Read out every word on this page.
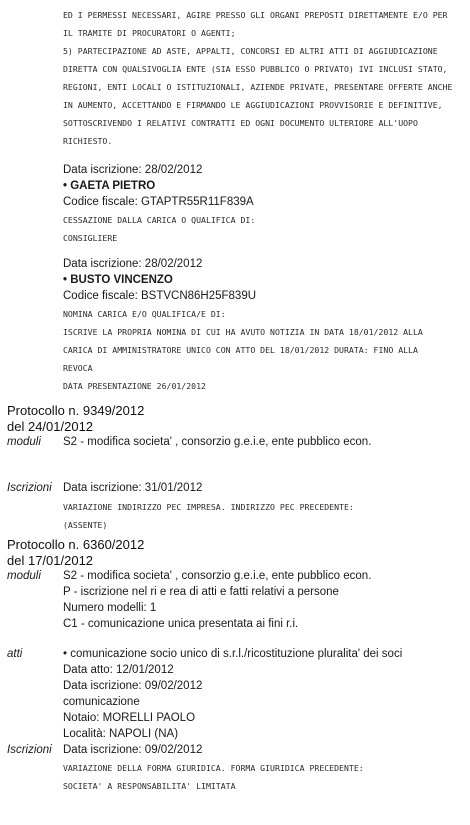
ED I PERMESSI NECESSARI, AGIRE PRESSO GLI ORGANI PREPOSTI DIRETTAMENTE E/O PER
IL TRAMITE DI PROCURATORI O AGENTI;
5) PARTECIPAZIONE AD ASTE, APPALTI, CONCORSI ED ALTRI ATTI DI AGGIUDICAZIONE
DIRETTA CON QUALSIVOGLIA ENTE (SIA ESSO PUBBLICO O PRIVATO) IVI INCLUSI STATO,
REGIONI, ENTI LOCALI O ISTITUZIONALI, AZIENDE PRIVATE, PRESENTARE OFFERTE ANCHE
IN AUMENTO, ACCETTANDO E FIRMANDO LE AGGIUDICAZIONI PROVVISORIE E DEFINITIVE,
SOTTOSCRIVENDO I RELATIVI CONTRATTI ED OGNI DOCUMENTO ULTERIORE ALL'UOPO
RICHIESTO.
Data iscrizione: 28/02/2012
• GAETA PIETRO
Codice fiscale: GTAPTR55R11F839A
CESSAZIONE DALLA CARICA O QUALIFICA DI:
CONSIGLIERE
Data iscrizione: 28/02/2012
• BUSTO VINCENZO
Codice fiscale: BSTVCN86H25F839U
NOMINA CARICA E/O QUALIFICA/E DI:
ISCRIVE LA PROPRIA NOMINA DI CUI HA AVUTO NOTIZIA IN DATA 18/01/2012 ALLA
CARICA DI AMMINISTRATORE UNICO CON ATTO DEL 18/01/2012 DURATA: FINO ALLA
REVOCA
DATA PRESENTAZIONE 26/01/2012
Protocollo n. 9349/2012
del 24/01/2012
moduli S2 - modifica societa' , consorzio g.e.i.e, ente pubblico econ.
Iscrizioni Data iscrizione: 31/01/2012
VARIAZIONE INDIRIZZO PEC IMPRESA. INDIRIZZO PEC PRECEDENTE:
(ASSENTE)
Protocollo n. 6360/2012
del 17/01/2012
moduli S2 - modifica societa' , consorzio g.e.i.e, ente pubblico econ.
P - iscrizione nel ri e rea di atti e fatti relativi a persone
Numero modelli: 1
C1 - comunicazione unica presentata ai fini r.i.
atti	• comunicazione socio unico di s.r.l./ricostituzione pluralita' dei soci
Data atto: 12/01/2012
Data iscrizione: 09/02/2012
comunicazione
Notaio: MORELLI PAOLO
Località: NAPOLI (NA)
Iscrizioni Data iscrizione: 09/02/2012
VARIAZIONE DELLA FORMA GIURIDICA. FORMA GIURIDICA PRECEDENTE:
SOCIETA' A RESPONSABILITA' LIMITATA
